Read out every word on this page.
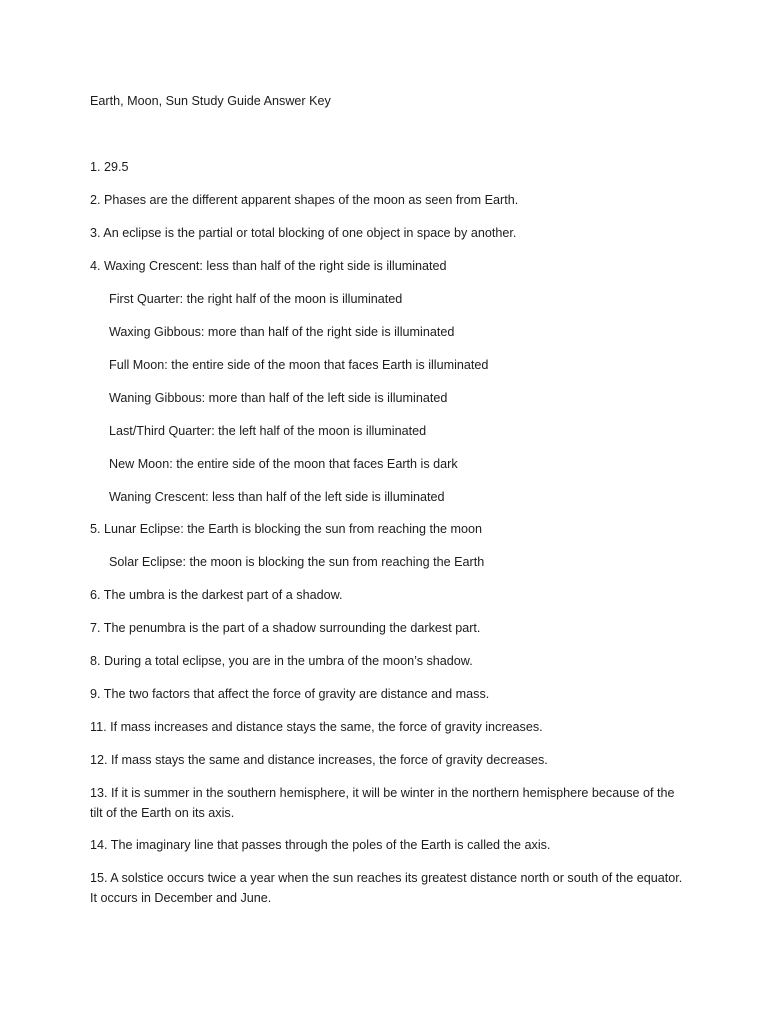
Earth, Moon, Sun Study Guide Answer Key
1. 29.5
2. Phases are the different apparent shapes of the moon as seen from Earth.
3. An eclipse is the partial or total blocking of one object in space by another.
4. Waxing Crescent: less than half of the right side is illuminated
First Quarter: the right half of the moon is illuminated
Waxing Gibbous: more than half of the right side is illuminated
Full Moon: the entire side of the moon that faces Earth is illuminated
Waning Gibbous: more than half of the left side is illuminated
Last/Third Quarter: the left half of the moon is illuminated
New Moon: the entire side of the moon that faces Earth is dark
Waning Crescent: less than half of the left side is illuminated
5. Lunar Eclipse: the Earth is blocking the sun from reaching the moon
Solar Eclipse: the moon is blocking the sun from reaching the Earth
6. The umbra is the darkest part of a shadow.
7. The penumbra is the part of a shadow surrounding the darkest part.
8. During a total eclipse, you are in the umbra of the moon’s shadow.
9. The two factors that affect the force of gravity are distance and mass.
11. If mass increases and distance stays the same, the force of gravity increases.
12. If mass stays the same and distance increases, the force of gravity decreases.
13. If it is summer in the southern hemisphere, it will be winter in the northern hemisphere because of the tilt of the Earth on its axis.
14. The imaginary line that passes through the poles of the Earth is called the axis.
15. A solstice occurs twice a year when the sun reaches its greatest distance north or south of the equator. It occurs in December and June.
